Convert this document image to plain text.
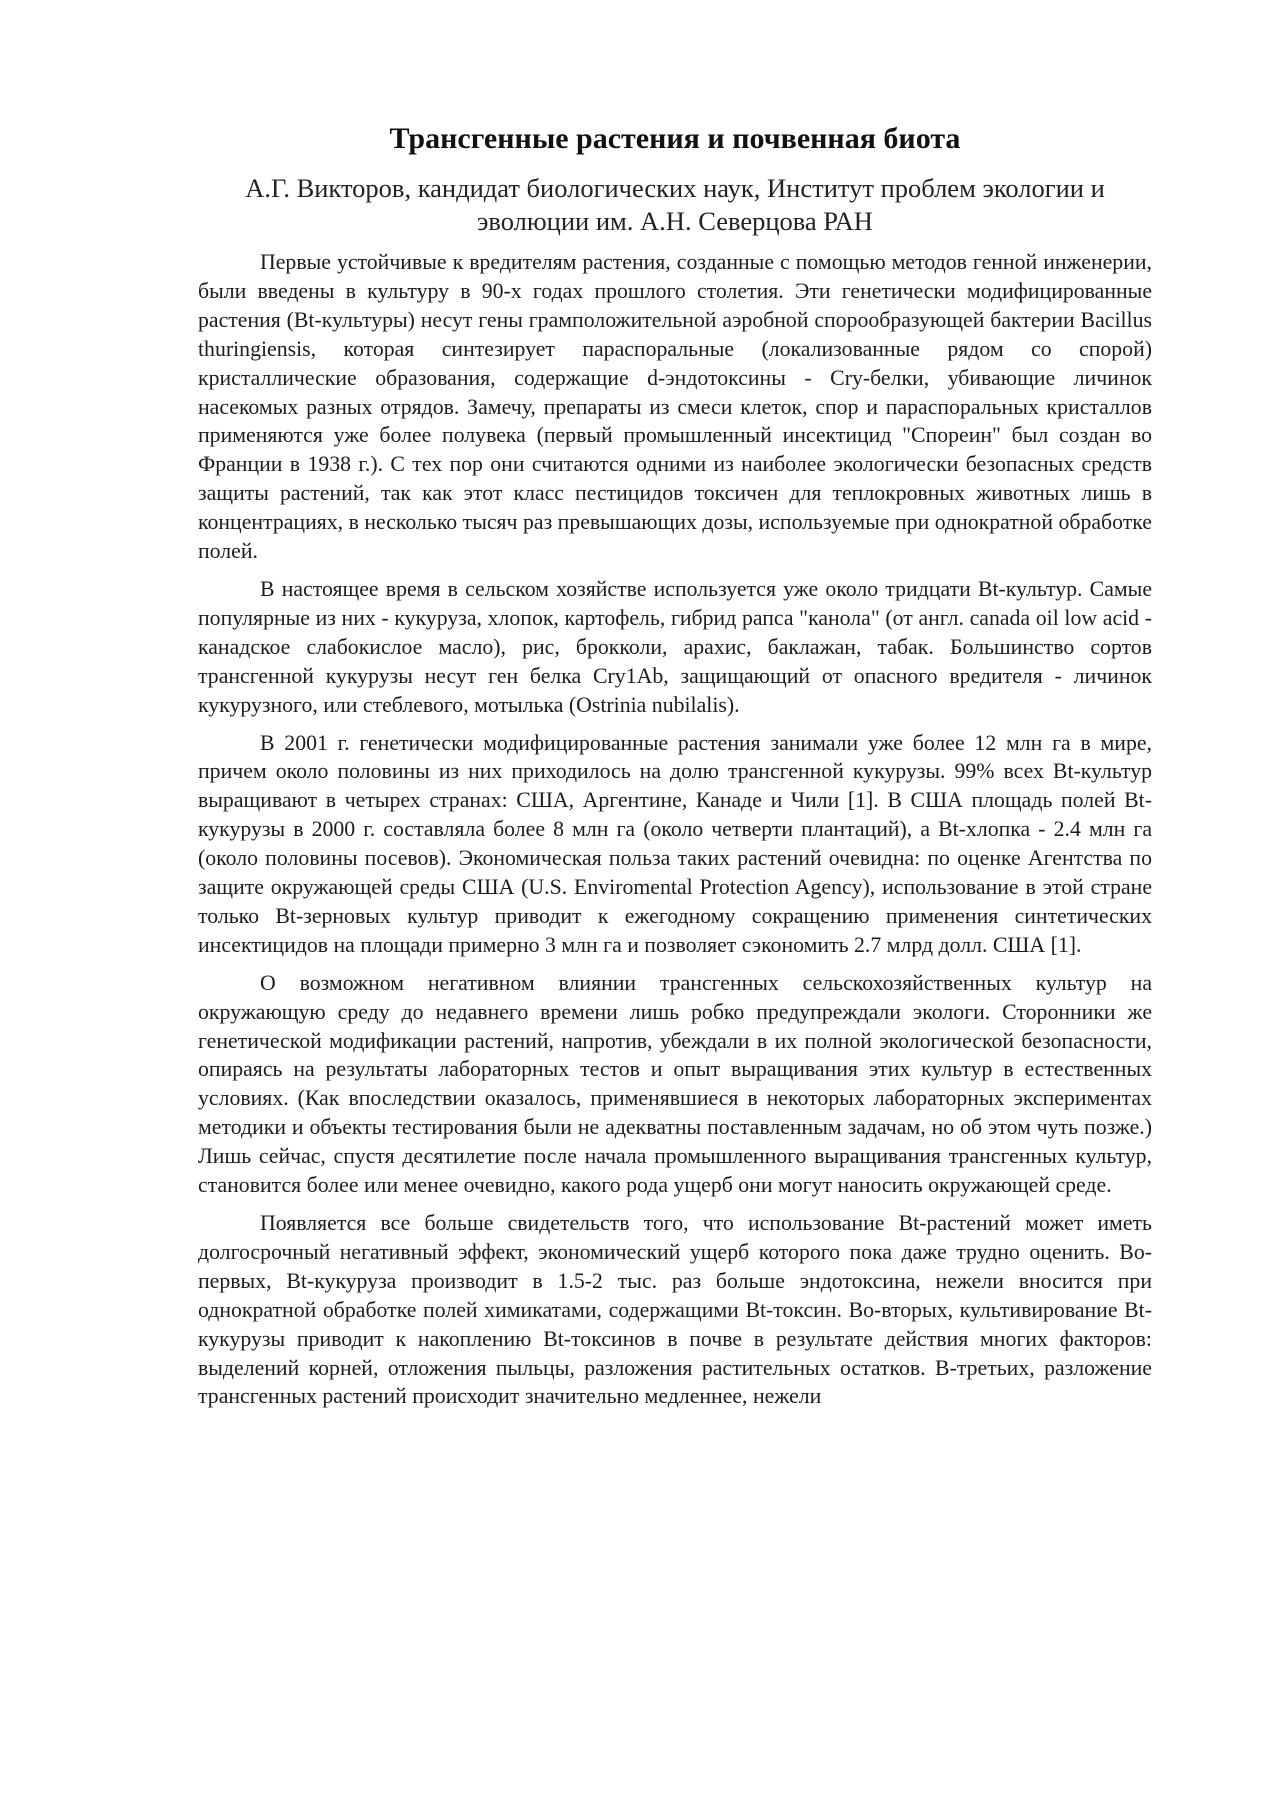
Трансгенные растения и почвенная биота
А.Г. Викторов, кандидат биологических наук, Институт проблем экологии и эволюции им. А.Н. Северцова РАН

Первые устойчивые к вредителям растения, созданные с помощью методов генной инженерии, были введены в культуру в 90-х годах прошлого столетия. Эти генетически модифицированные растения (Bt-культуры) несут гены грамположительной аэробной спорообразующей бактерии Bacillus thuringiensis, которая синтезирует параспоральные (локализованные рядом со спорой) кристаллические образования, содержащие d-эндотоксины - Cry-белки, убивающие личинок насекомых разных отрядов. Замечу, препараты из смеси клеток, спор и параспоральных кристаллов применяются уже более полувека (первый промышленный инсектицид "Спореин" был создан во Франции в 1938 г.). С тех пор они считаются одними из наиболее экологически безопасных средств защиты растений, так как этот класс пестицидов токсичен для теплокровных животных лишь в концентрациях, в несколько тысяч раз превышающих дозы, используемые при однократной обработке полей.

В настоящее время в сельском хозяйстве используется уже около тридцати Bt-культур. Самые популярные из них - кукуруза, хлопок, картофель, гибрид рапса "канола" (от англ. canada oil low acid - канадское слабокислое масло), рис, брокколи, арахис, баклажан, табак. Большинство сортов трансгенной кукурузы несут ген белка Cry1Ab, защищающий от опасного вредителя - личинок кукурузного, или стеблевого, мотылька (Ostrinia nubilalis).

В 2001 г. генетически модифицированные растения занимали уже более 12 млн га в мире, причем около половины из них приходилось на долю трансгенной кукурузы. 99% всех Bt-культур выращивают в четырех странах: США, Аргентине, Канаде и Чили [1]. В США площадь полей Bt-кукурузы в 2000 г. составляла более 8 млн га (около четверти плантаций), а Bt-хлопка - 2.4 млн га (около половины посевов). Экономическая польза таких растений очевидна: по оценке Агентства по защите окружающей среды США (U.S. Enviromental Protection Agency), использование в этой стране только Bt-зерновых культур приводит к ежегодному сокращению применения синтетических инсектицидов на площади примерно 3 млн га и позволяет сэкономить 2.7 млрд долл. США [1].

О возможном негативном влиянии трансгенных сельскохозяйственных культур на окружающую среду до недавнего времени лишь робко предупреждали экологи. Сторонники же генетической модификации растений, напротив, убеждали в их полной экологической безопасности, опираясь на результаты лабораторных тестов и опыт выращивания этих культур в естественных условиях. (Как впоследствии оказалось, применявшиеся в некоторых лабораторных экспериментах методики и объекты тестирования были не адекватны поставленным задачам, но об этом чуть позже.) Лишь сейчас, спустя десятилетие после начала промышленного выращивания трансгенных культур, становится более или менее очевидно, какого рода ущерб они могут наносить окружающей среде.

Появляется все больше свидетельств того, что использование Bt-растений может иметь долгосрочный негативный эффект, экономический ущерб которого пока даже трудно оценить. Во-первых, Bt-кукуруза производит в 1.5-2 тыс. раз больше эндотоксина, нежели вносится при однократной обработке полей химикатами, содержащими Bt-токсин. Во-вторых, культивирование Bt-кукурузы приводит к накоплению Bt-токсинов в почве в результате действия многих факторов: выделений корней, отложения пыльцы, разложения растительных остатков. В-третьих, разложение трансгенных растений происходит значительно медленнее, нежели
